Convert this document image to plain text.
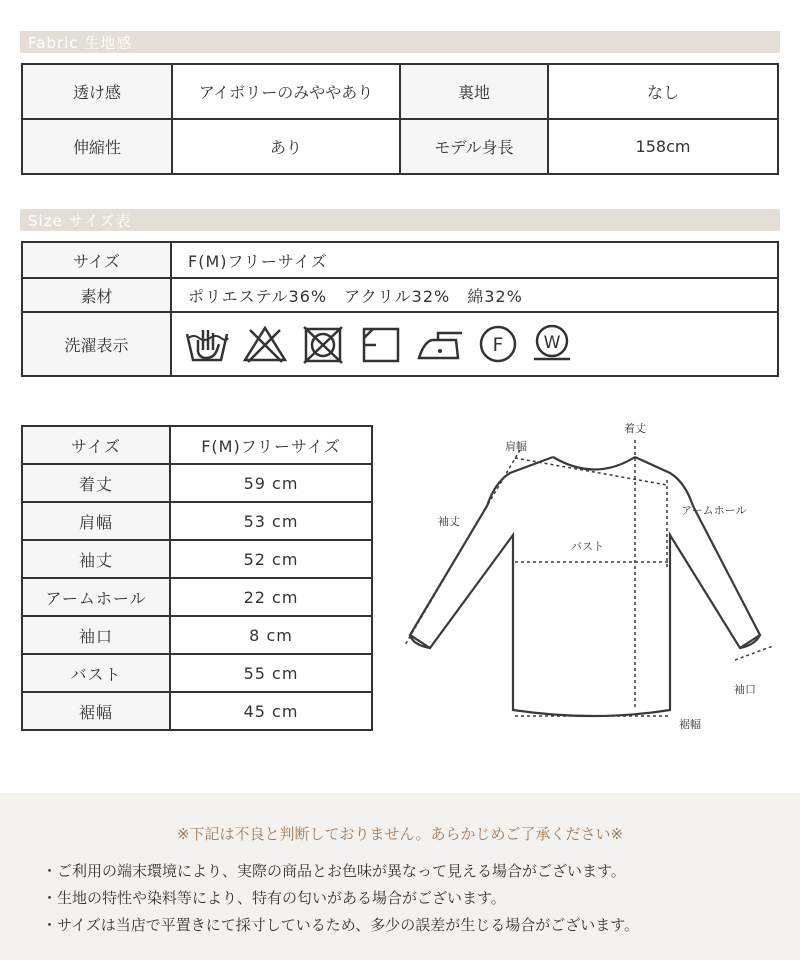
Fabric 生地感
透け感	アイボリーのみややあり	裏地	なし
伸縮性	あり	モデル身長	158cm
Size サイズ表
サイズ	F(M)フリーサイズ
素材	ポリエステル36%　アクリル32%　綿32%
洗濯表示	F W
サイズ	F(M)フリーサイズ
着丈	59 cm
肩幅	53 cm
袖丈	52 cm
アームホール	22 cm
袖口	8 cm
バスト	55 cm
裾幅	45 cm
肩幅
着丈
袖丈
アームホール
バスト
袖口
裾幅
※下記は不良と判断しておりません。あらかじめご了承ください※
・ご利用の端末環境により、実際の商品とお色味が異なって見える場合がございます。
・生地の特性や染料等により、特有の匂いがある場合がございます。
・サイズは当店で平置きにて採寸しているため、多少の誤差が生じる場合がございます。
